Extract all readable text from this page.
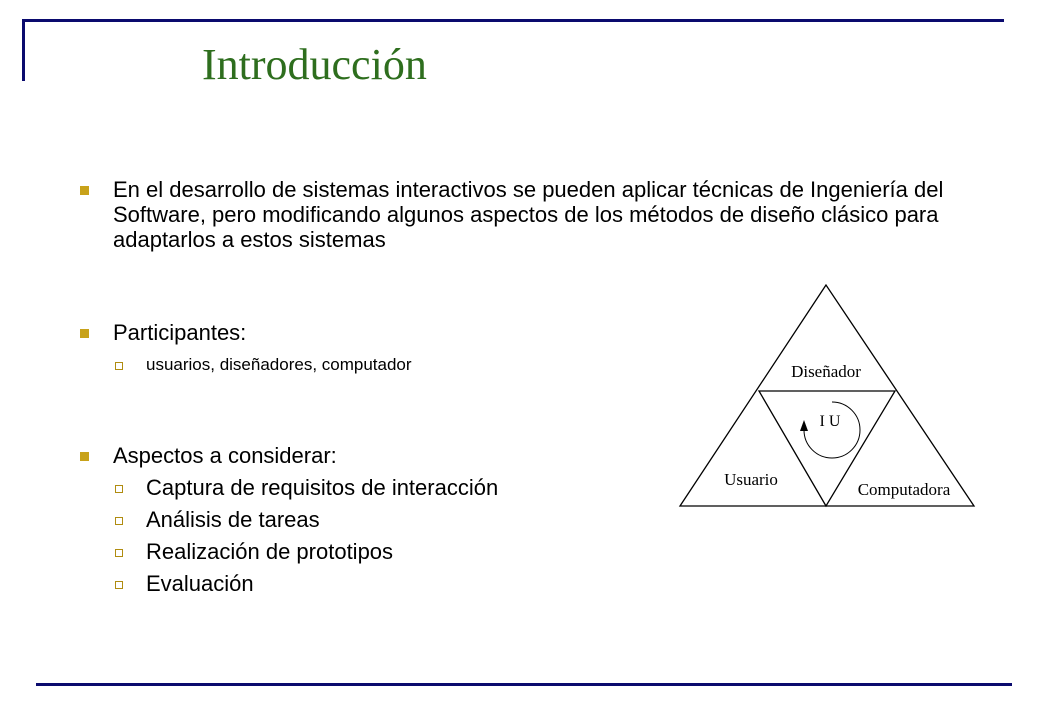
Introducción
En el desarrollo de sistemas interactivos se pueden aplicar técnicas de Ingeniería del Software, pero modificando algunos aspectos de los métodos de diseño clásico para adaptarlos a estos sistemas
Participantes:
usuarios, diseñadores, computador
Aspectos a considerar:
Captura de requisitos de interacción
Análisis de tareas
Realización de prototipos
Evaluación
Diseñador
I U
Usuario
Computadora
